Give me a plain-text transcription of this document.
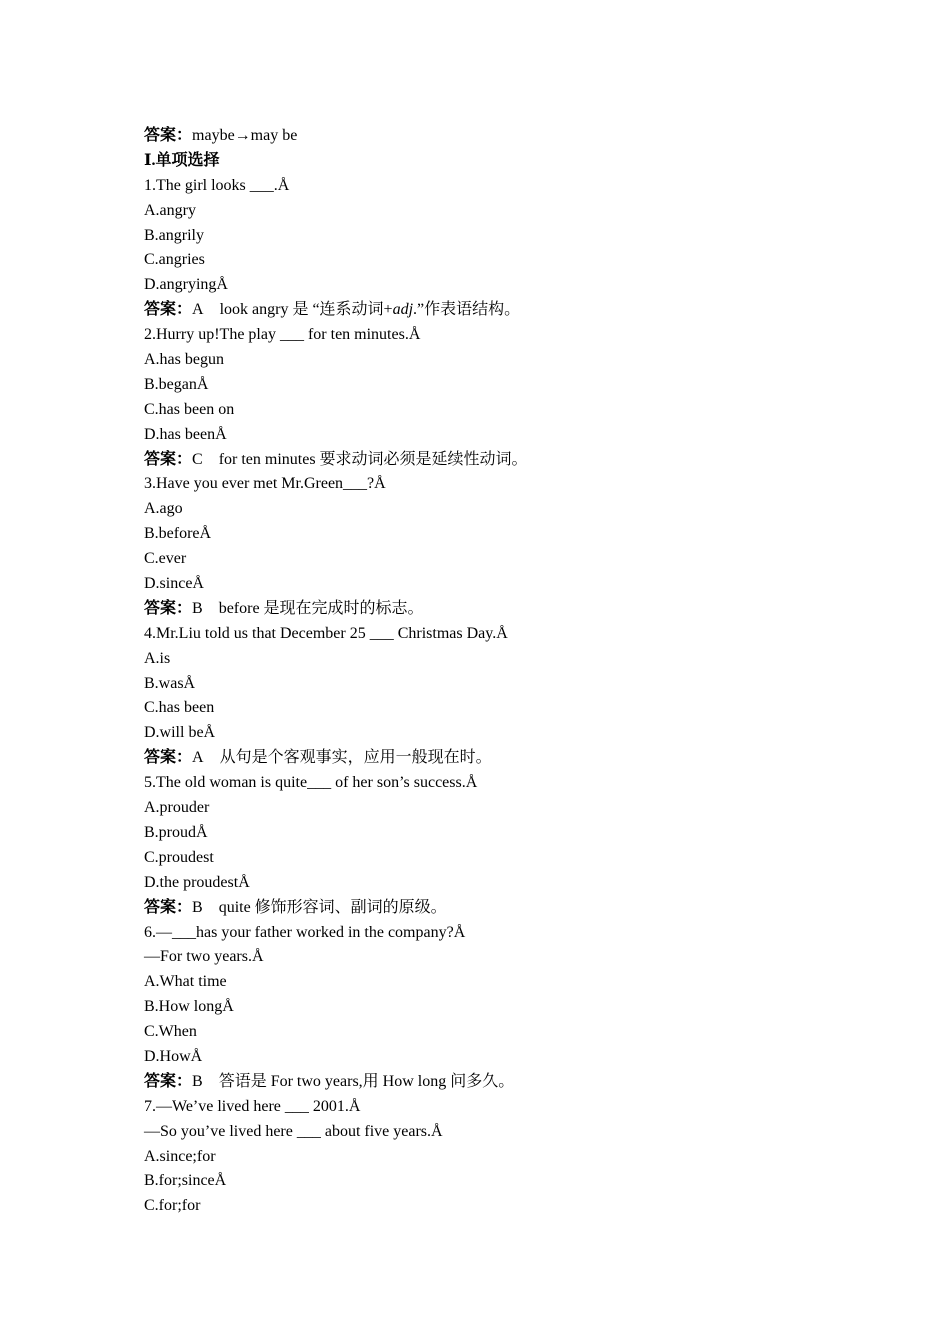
答案：maybe→may be
Ⅰ.单项选择
1.The girl looks ___.Å
A.angry
B.angrily
C.angries
D.angryingÅ
答案：A look angry 是 “连系动词+adj.”作表语结构。
2.Hurry up!The play ___ for ten minutes.Å
A.has begun
B.beganÅ
C.has been on
D.has beenÅ
答案：C for ten minutes 要求动词必须是延续性动词。
3.Have you ever met Mr.Green___?Å
A.ago
B.beforeÅ
C.ever
D.sinceÅ
答案：B before 是现在完成时的标志。
4.Mr.Liu told us that December 25 ___ Christmas Day.Å
A.is
B.wasÅ
C.has been
D.will beÅ
答案：A 从句是个客观事实，应用一般现在时。
5.The old woman is quite___ of her son’s success.Å
A.prouder
B.proudÅ
C.proudest
D.the proudestÅ
答案：B quite 修饰形容词、副词的原级。
6.—___has your father worked in the company?Å
—For two years.Å
A.What time
B.How longÅ
C.When
D.HowÅ
答案：B 答语是 For two years,用 How long 问多久。
7.—We’ve lived here ___ 2001.Å
—So you’ve lived here ___ about five years.Å
A.since;for
B.for;sinceÅ
C.for;for
